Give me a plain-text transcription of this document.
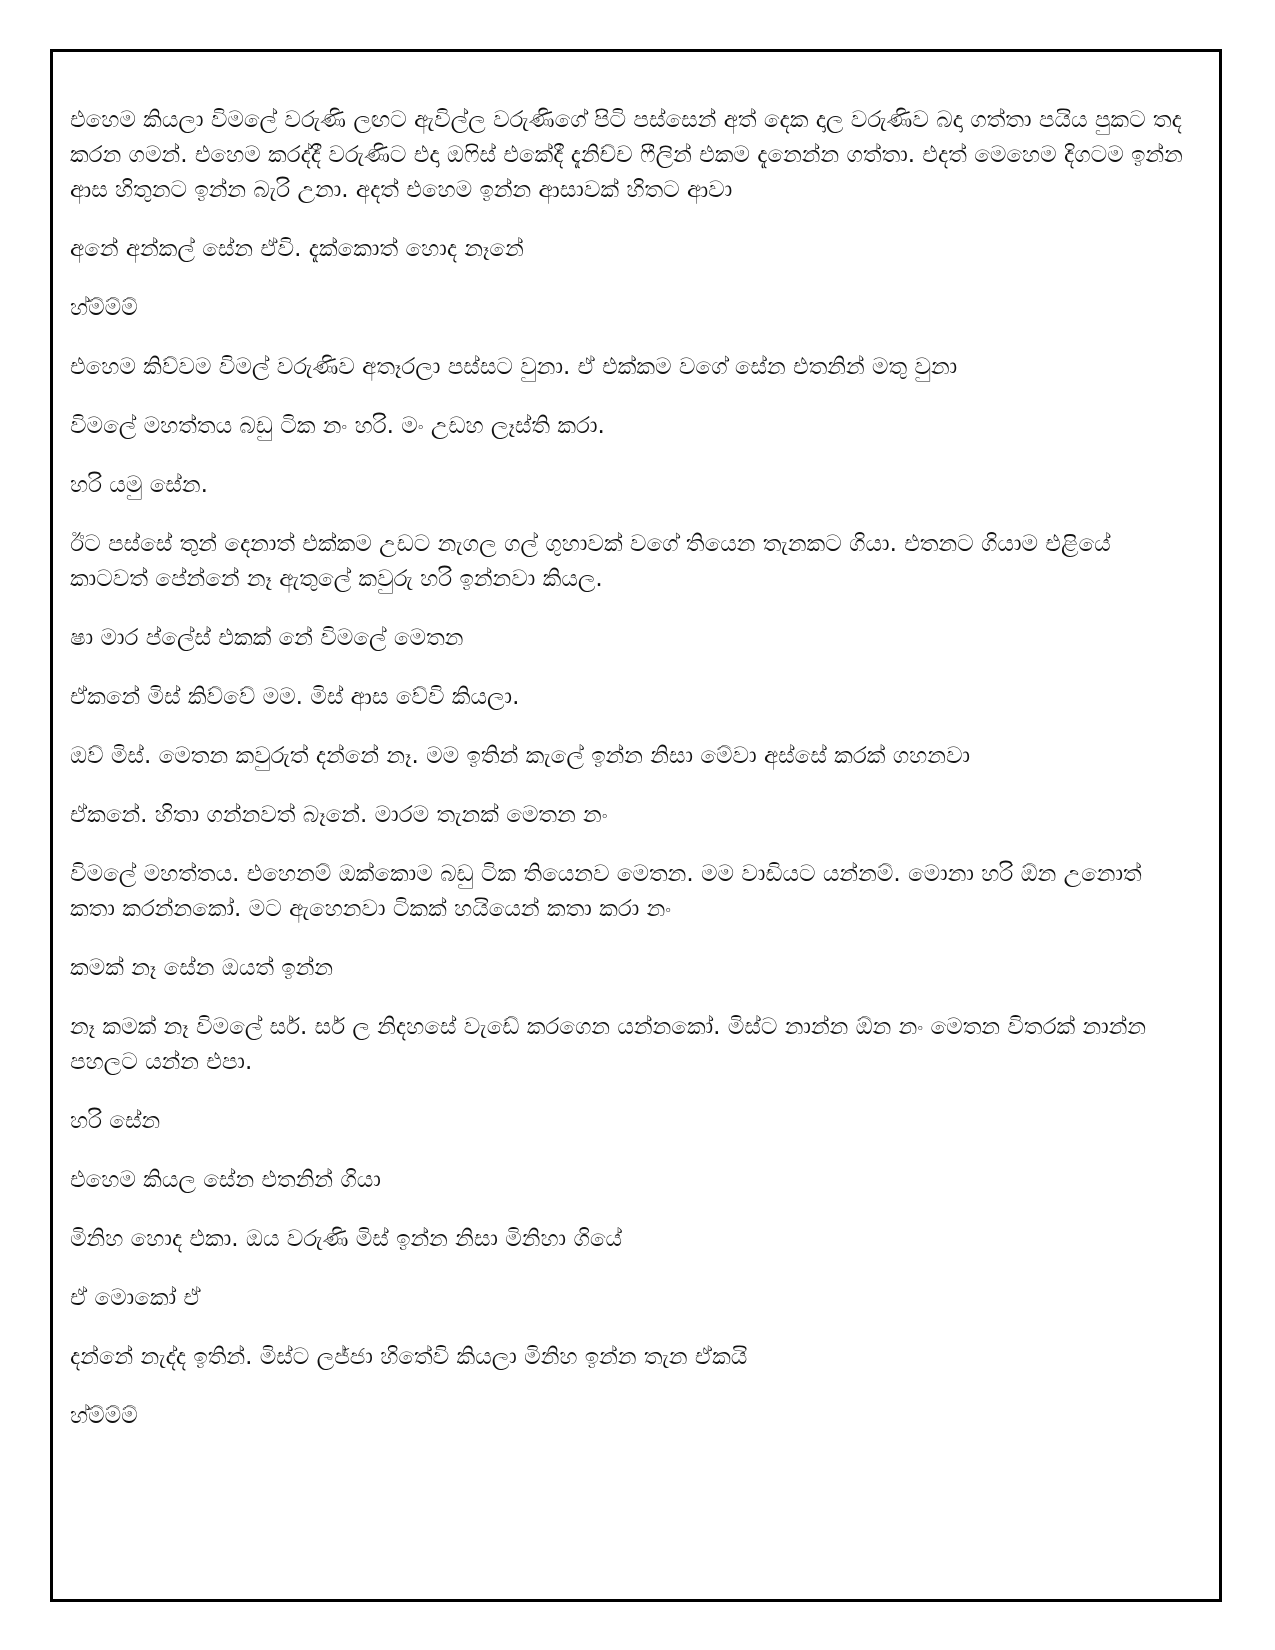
එහෙම කියලා විමලේ වරුණි ලඟට ඇවිල්ල වරුණිගේ පිටි පස්සෙන් අත් දෙක දාල වරුණිව බදා ගත්තා පයිය පුකට තද කරන ගමන්. එහෙම කරද්දී වරුණිට එදා ඔෆිස් එකේදී දැනිච්ච ෆීලින් එකම දැනෙන්න ගත්තා. එදත් මෙහෙම දිගටම ඉන්න ආස හිතුනට ඉන්න බැරි උනා. අදත් එහෙම ඉන්න ආසාවක් හිතට ආවා

අනේ අන්කල් සේන ඒවි. දැක්කොත් හොද නෑනේ

හ්ම්ම්ම්

එහෙම කිව්වම විමල් වරුණිව අතෑරලා පස්සට වුනා. ඒ එක්කම වගේ සේන එතනින් මතු වුනා

විමලේ මහත්තය බඩු ටික නං හරි. මං උඩහ ලෑස්ති කරා.

හරි යමු සේන.

ඊට පස්සේ තුන් දෙනාත් එක්කම උඩට නැගල ගල් ගුහාවක් වගේ තියෙන තැනකට ගියා. එතනට ගියාම එළියේ කාටවත් පේන්නේ නෑ ඇතුලේ කවුරු හරි ඉන්නවා කියල.

ෂා මාර ප්ලේස් එකක් නේ විමලේ මෙතන

ඒකනේ මිස් කිව්වේ මම. මිස් ආස වේවි කියලා.

ඔව් මිස්. මෙතන කවුරුත් දන්නේ නෑ. මම ඉතින් කැලේ ඉන්න නිසා මේවා අස්සේ කරක් ගහනවා

ඒකනේ. හිතා ගන්නවත් බෑනේ. මාරම තැනක් මෙතන නං

විමලේ මහත්තය. එහෙනම් ඔක්කොම බඩු ටික තියෙනව මෙතන. මම වාඩියට යන්නම්. මොනා හරි ඕන උනොත් කතා කරන්නකෝ. මට ඇහෙනවා ටිකක් හයියෙන් කතා කරා නං

කමක් නෑ සේන ඔයත් ඉන්න

නෑ කමක් නෑ විමලේ සර්. සර් ල නිදහසේ වැඩේ කරගෙන යන්නකෝ. මිස්ට නාන්න ඕන නං මෙතන විතරක් නාන්න පහලට යන්න එපා.

හරි සේන

එහෙම කියල සේන එතනින් ගියා

මිනිහ හොද එකා. ඔය වරුණි මිස් ඉන්න නිසා මිනිහා ගියේ

ඒ මොකෝ ඒ

දන්නේ නැද්ද ඉතින්. මිස්ට ලජ්ජා හිතේවි කියලා මිනිහ ඉන්න තැන ඒකයි

හ්ම්ම්ම්
